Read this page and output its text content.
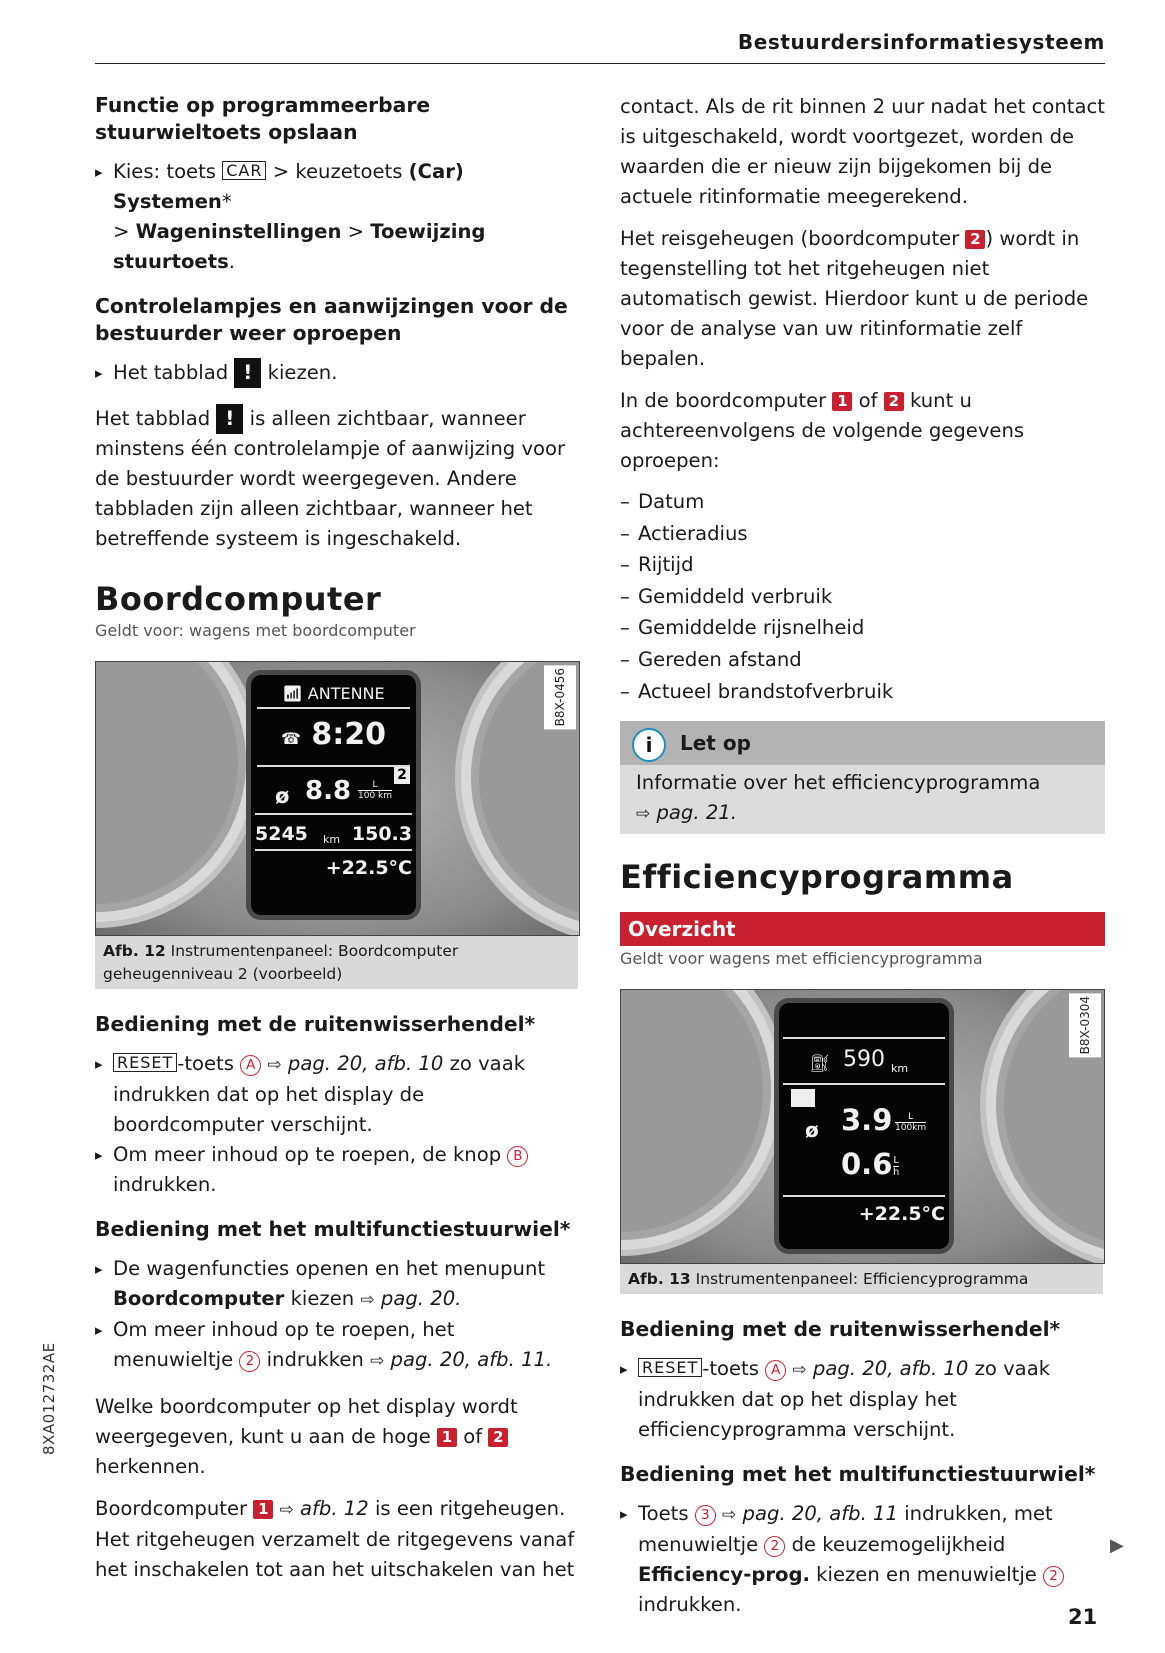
Bestuurdersinformatiesysteem
Functie op programmeerbare stuurwieltoets opslaan
▸ Kies: toets CAR > keuzetoets (Car) Systemen*
> Wageninstellingen > Toewijzing stuurtoets.
Controlelampjes en aanwijzingen voor de bestuurder weer oproepen
▸ Het tabblad ! kiezen.

Het tabblad ! is alleen zichtbaar, wanneer minstens één controlelampje of aanwijzing voor de bestuurder wordt weergegeven. Andere tabbladen zijn alleen zichtbaar, wanneer het betreffende systeem is ingeschakeld.

Boordcomputer
Geldt voor: wagens met boordcomputer
📶︎ ANTENNE
☎ 8:20
2
ø 8.8	L
100 km
5245 km 150.3
+22.5°C
B8X-0456
Afb. 12 Instrumentenpaneel: Boordcomputer geheugenniveau 2 (voorbeeld)
Bediening met de ruitenwisserhendel*
▸ RESET -toets A ⇨ pag. 20, afb. 10 zo vaak indrukken dat op het display de boordcomputer verschijnt.
▸ Om meer inhoud op te roepen, de knop B indrukken.
Bediening met het multifunctiestuurwiel*
▸ De wagenfuncties openen en het menupunt Boordcomputer kiezen ⇨ pag. 20.
▸ Om meer inhoud op te roepen, het menuwieltje 2 indrukken ⇨ pag. 20, afb. 11.

Welke boordcomputer op het display wordt weergegeven, kunt u aan de hoge 1 of 2 herkennen.

Boordcomputer 1 ⇨ afb. 12 is een ritgeheugen. Het ritgeheugen verzamelt de ritgegevens vanaf het inschakelen tot aan het uitschakelen van het

contact. Als de rit binnen 2 uur nadat het contact is uitgeschakeld, wordt voortgezet, worden de waarden die er nieuw zijn bijgekomen bij de actuele ritinformatie meegerekend.

Het reisgeheugen (boordcomputer 2 ) wordt in tegenstelling tot het ritgeheugen niet automatisch gewist. Hierdoor kunt u de periode voor de analyse van uw ritinformatie zelf bepalen.

In de boordcomputer 1 of 2 kunt u achtereenvolgens de volgende gegevens oproepen:

– Datum
– Actieradius
– Rijtijd
– Gemiddeld verbruik
– Gemiddelde rijsnelheid
– Gereden afstand
– Actueel brandstofverbruik
i Let op
Informatie over het efficiencyprogramma
⇨ pag. 21.
Efficiencyprogramma
Overzicht
Geldt voor wagens met efficiencyprogramma
⛽︎ 590 km
ø 3.9	L
100km
0.6 L
h
+22.5°C
B8X-0304
Afb. 13 Instrumentenpaneel: Efficiencyprogramma
Bediening met de ruitenwisserhendel*
▸ RESET -toets A ⇨ pag. 20, afb. 10 zo vaak indrukken dat op het display het efficiencyprogramma verschijnt.
Bediening met het multifunctiestuurwiel*
▸ Toets 3 ⇨ pag. 20, afb. 11 indrukken, met menuwieltje 2 de keuzemogelijkheid Efficiency-prog. kiezen en menuwieltje 2 indrukken.
8XA012732AE
▶
21
